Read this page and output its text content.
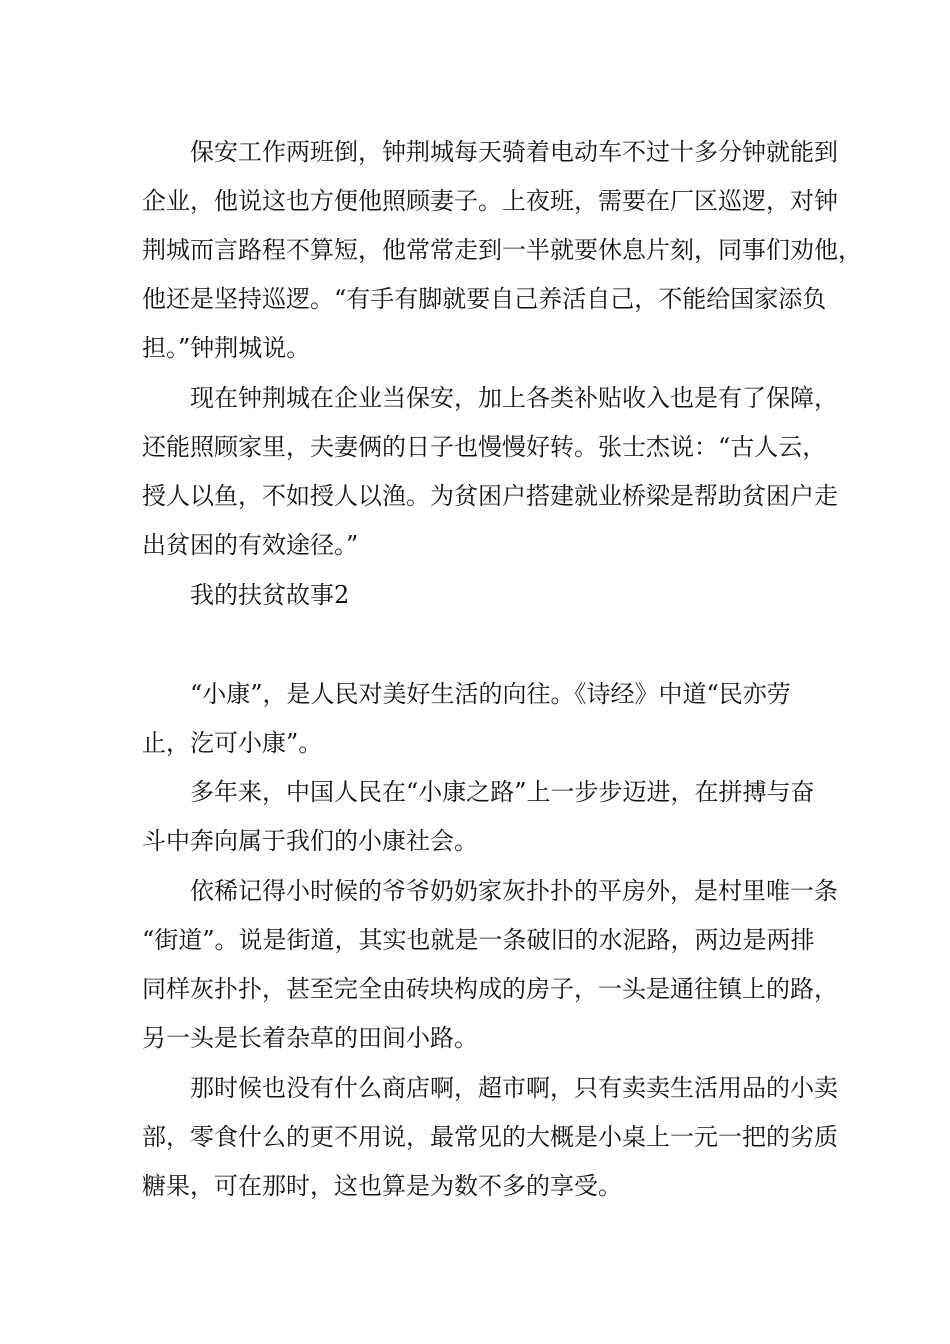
保安工作两班倒，钟荆城每天骑着电动车不过十多分钟就能到

企业，他说这也方便他照顾妻子。上夜班，需要在厂区巡逻，对钟

荆城而言路程不算短，他常常走到一半就要休息片刻，同事们劝他，

他还是坚持巡逻。“有手有脚就要自己养活自己，不能给国家添负

担。”钟荆城说。

现在钟荆城在企业当保安，加上各类补贴收入也是有了保障，

还能照顾家里，夫妻俩的日子也慢慢好转。张士杰说：“古人云，

授人以鱼，不如授人以渔。为贫困户搭建就业桥梁是帮助贫困户走

出贫困的有效途径。”

我的扶贫故事2

“小康”，是人民对美好生活的向往。《诗经》中道“民亦劳

止，汔可小康”。

多年来，中国人民在“小康之路”上一步步迈进，在拼搏与奋

斗中奔向属于我们的小康社会。

依稀记得小时候的爷爷奶奶家灰扑扑的平房外，是村里唯一条

“街道”。说是街道，其实也就是一条破旧的水泥路，两边是两排

同样灰扑扑，甚至完全由砖块构成的房子，一头是通往镇上的路，

另一头是长着杂草的田间小路。

那时候也没有什么商店啊，超市啊，只有卖卖生活用品的小卖

部，零食什么的更不用说，最常见的大概是小桌上一元一把的劣质

糖果，可在那时，这也算是为数不多的享受。
